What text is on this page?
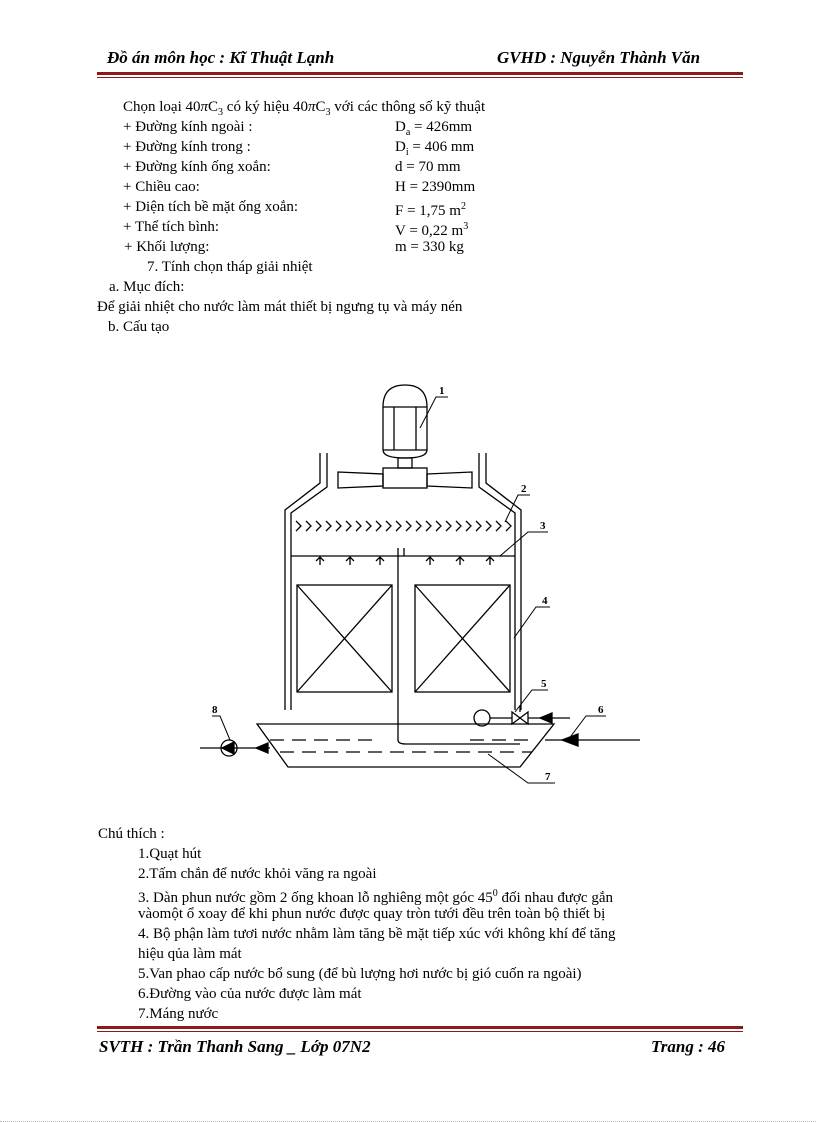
Đồ án môn học : Kĩ Thuật Lạnh	GVHD : Nguyễn Thành Văn
Chọn loại $40\pi C_3$ có ký hiệu $40\pi C_3$ với các thông số kỹ thuật
+ Đường kính ngoài :	$D_a = 426mm$
+ Đường kính trong :	$D_i = 406$ mm
+ Đường kính ống xoắn:	d = 70 mm
+ Chiều cao:	H = 2390mm
+ Diện tích bề mặt ống xoắn:	F = 1,75 $m^2$
+ Thể tích bình:	V = 0,22 $m^3$
+ Khối lượng:	m = 330 kg
7. Tính chọn tháp giải nhiệt
a. Mục đích:
Để giải nhiệt cho nước làm mát thiết bị ngưng tụ và máy nén
b. Cấu tạo
1
2
3
4
5
6
7
8
Chú thích :
1.Quạt hút
2.Tấm chắn để nước khỏi văng ra ngoài
3. Dàn phun nước gồm 2 ống khoan lỗ nghiêng một góc $45^0$ đối nhau được gắn
vàomột ổ xoay để khi phun nước được quay tròn tưới đều trên toàn bộ thiết bị
4. Bộ phận làm tươi nước nhằm làm tăng bề mặt tiếp xúc với không khí để tăng
hiệu qủa làm mát
5.Van phao cấp nước bổ sung (để bù lượng hơi nước bị gió cuốn ra ngoài)
6.Đường vào của nước được làm mát
7.Máng nước
SVTH : Trần Thanh Sang _ Lớp 07N2	Trang : 46
